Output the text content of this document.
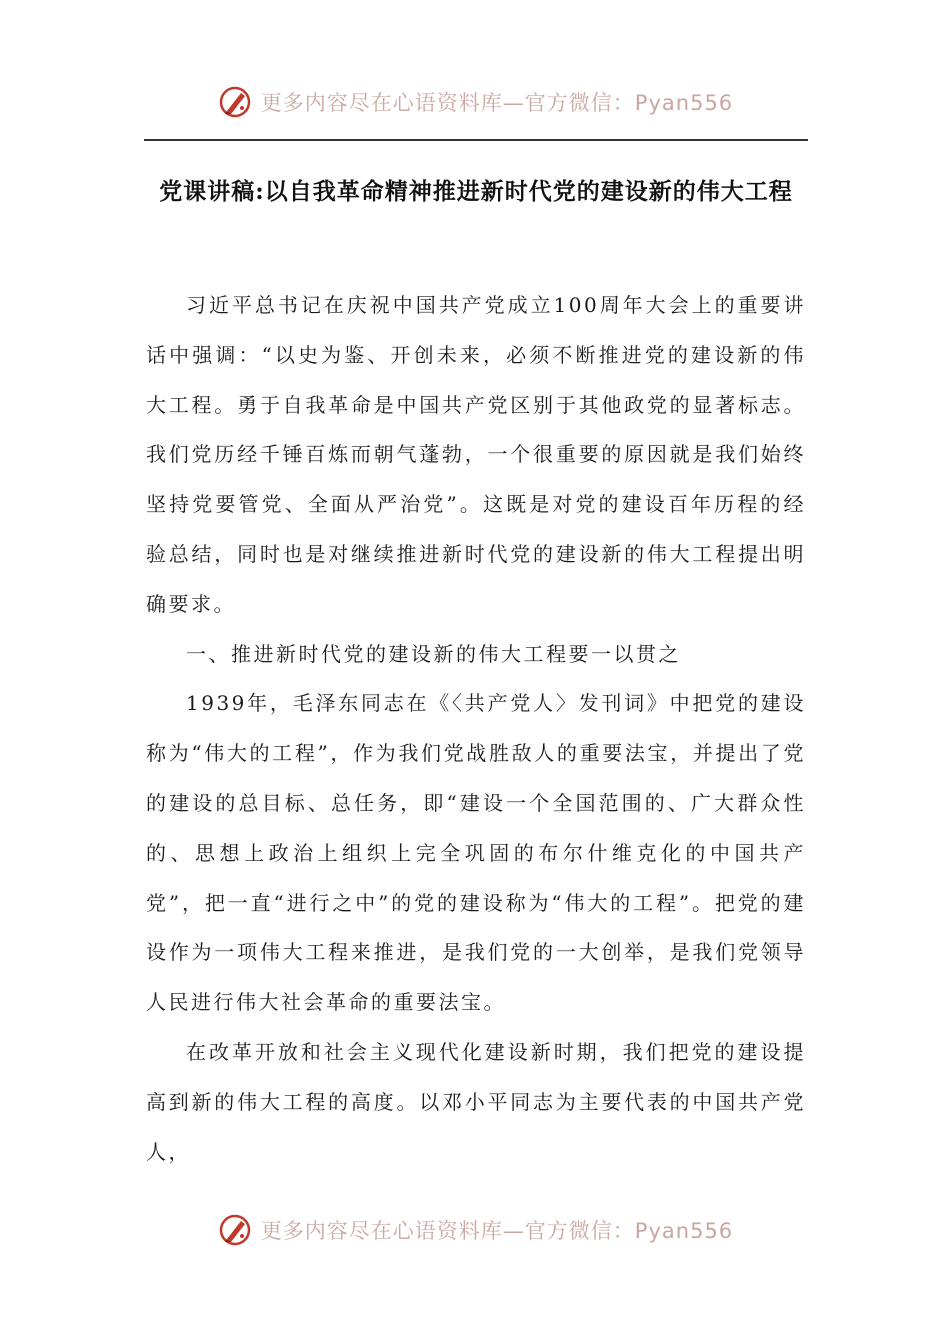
更多内容尽在心语资料库—官方微信：Pyan556
党课讲稿:以自我革命精神推进新时代党的建设新的伟大工程

习近平总书记在庆祝中国共产党成立100周年大会上的重要讲话中强调：“以史为鉴、开创未来，必须不断推进党的建设新的伟大工程。勇于自我革命是中国共产党区别于其他政党的显著标志。我们党历经千锤百炼而朝气蓬勃，一个很重要的原因就是我们始终坚持党要管党、全面从严治党”。这既是对党的建设百年历程的经验总结，同时也是对继续推进新时代党的建设新的伟大工程提出明确要求。

一、推进新时代党的建设新的伟大工程要一以贯之

1939年，毛泽东同志在《〈共产党人〉发刊词》中把党的建设称为“伟大的工程”，作为我们党战胜敌人的重要法宝，并提出了党的建设的总目标、总任务，即“建设一个全国范围的、广大群众性的、思想上政治上组织上完全巩固的布尔什维克化的中国共产党”，把一直“进行之中”的党的建设称为“伟大的工程”。把党的建设作为一项伟大工程来推进，是我们党的一大创举，是我们党领导人民进行伟大社会革命的重要法宝。

在改革开放和社会主义现代化建设新时期，我们把党的建设提高到新的伟大工程的高度。以邓小平同志为主要代表的中国共产党人，

更多内容尽在心语资料库—官方微信：Pyan556
